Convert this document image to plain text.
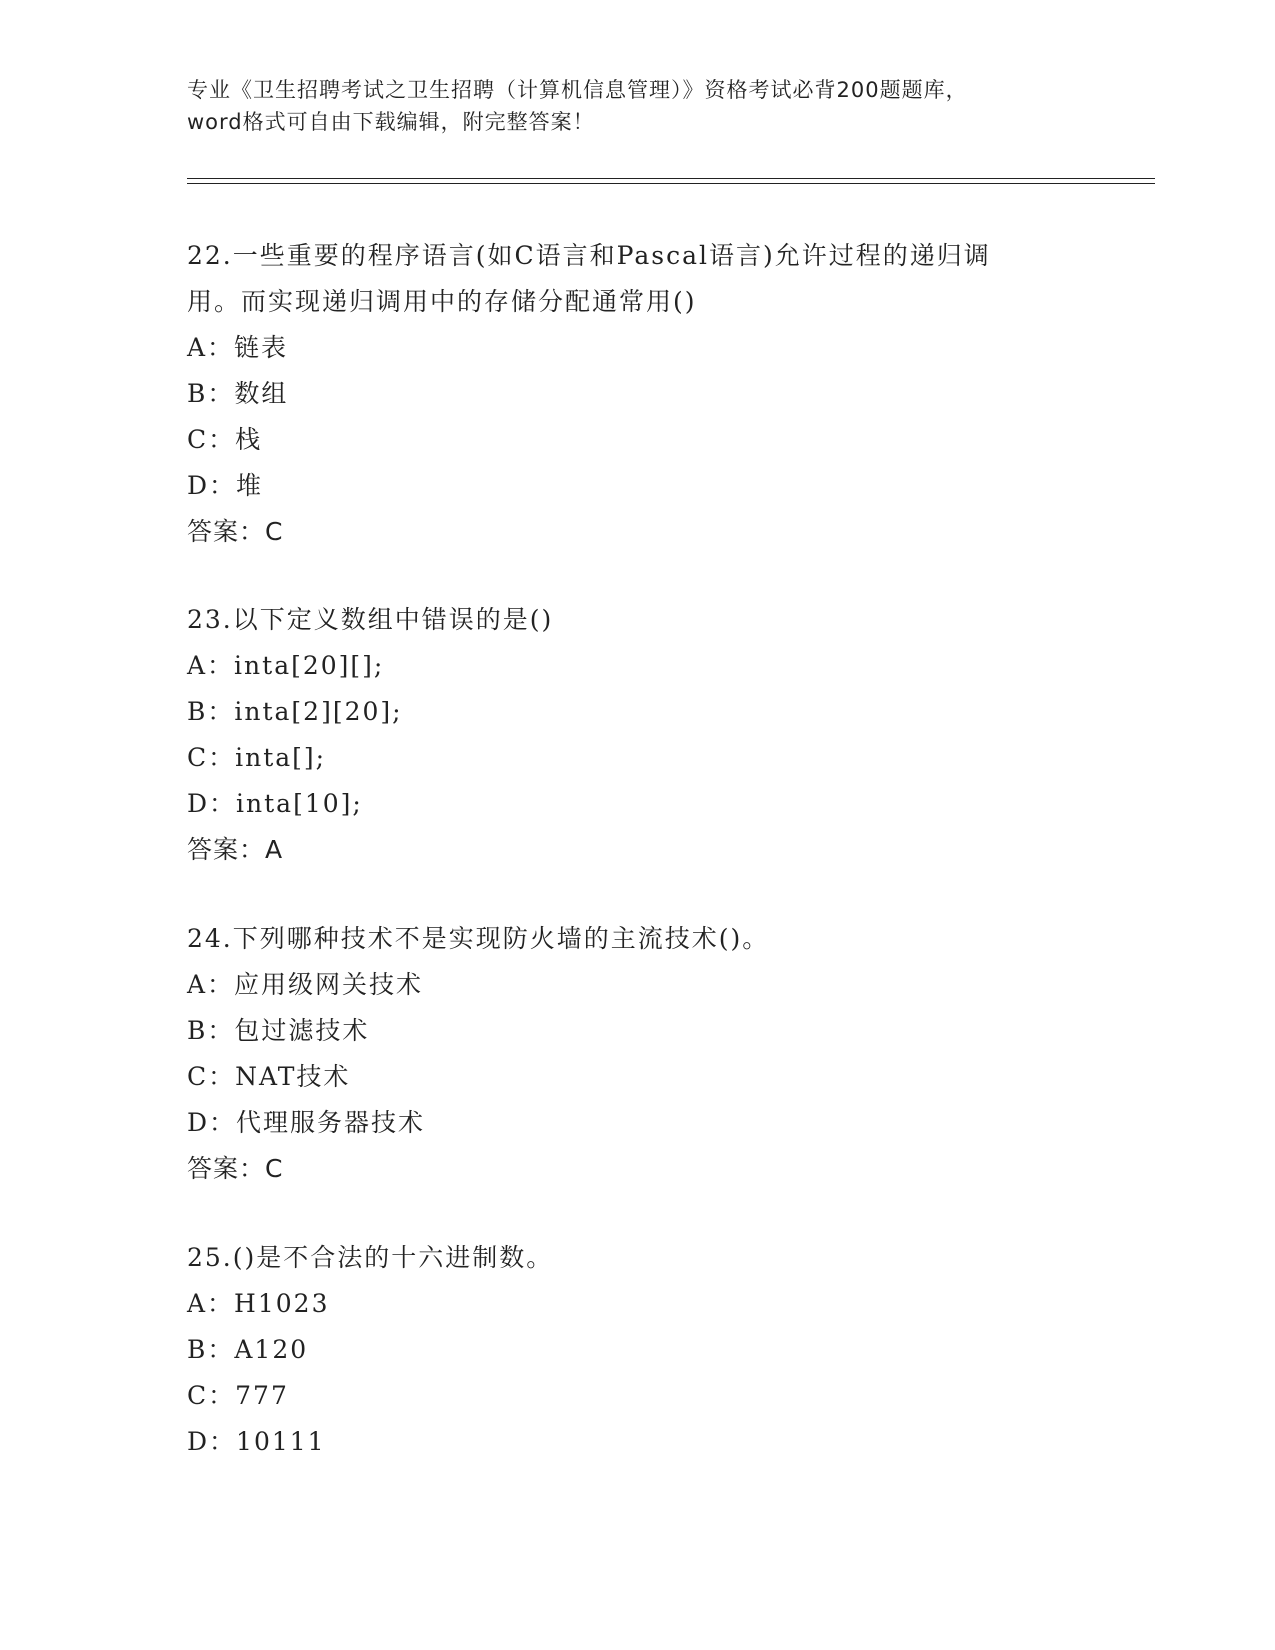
专业《卫生招聘考试之卫生招聘（计算机信息管理）》资格考试必背200题题库，
word格式可自由下载编辑，附完整答案！
22.一些重要的程序语言(如C语言和Pascal语言)允许过程的递归调
用。而实现递归调用中的存储分配通常用()
A：链表
B：数组
C：栈
D：堆
答案：C
23.以下定义数组中错误的是()
A：inta[20][];
B：inta[2][20];
C：inta[];
D：inta[10];
答案：A
24.下列哪种技术不是实现防火墙的主流技术()。
A：应用级网关技术
B：包过滤技术
C：NAT技术
D：代理服务器技术
答案：C
25.()是不合法的十六进制数。
A：H1023
B：A120
C：777
D：10111
